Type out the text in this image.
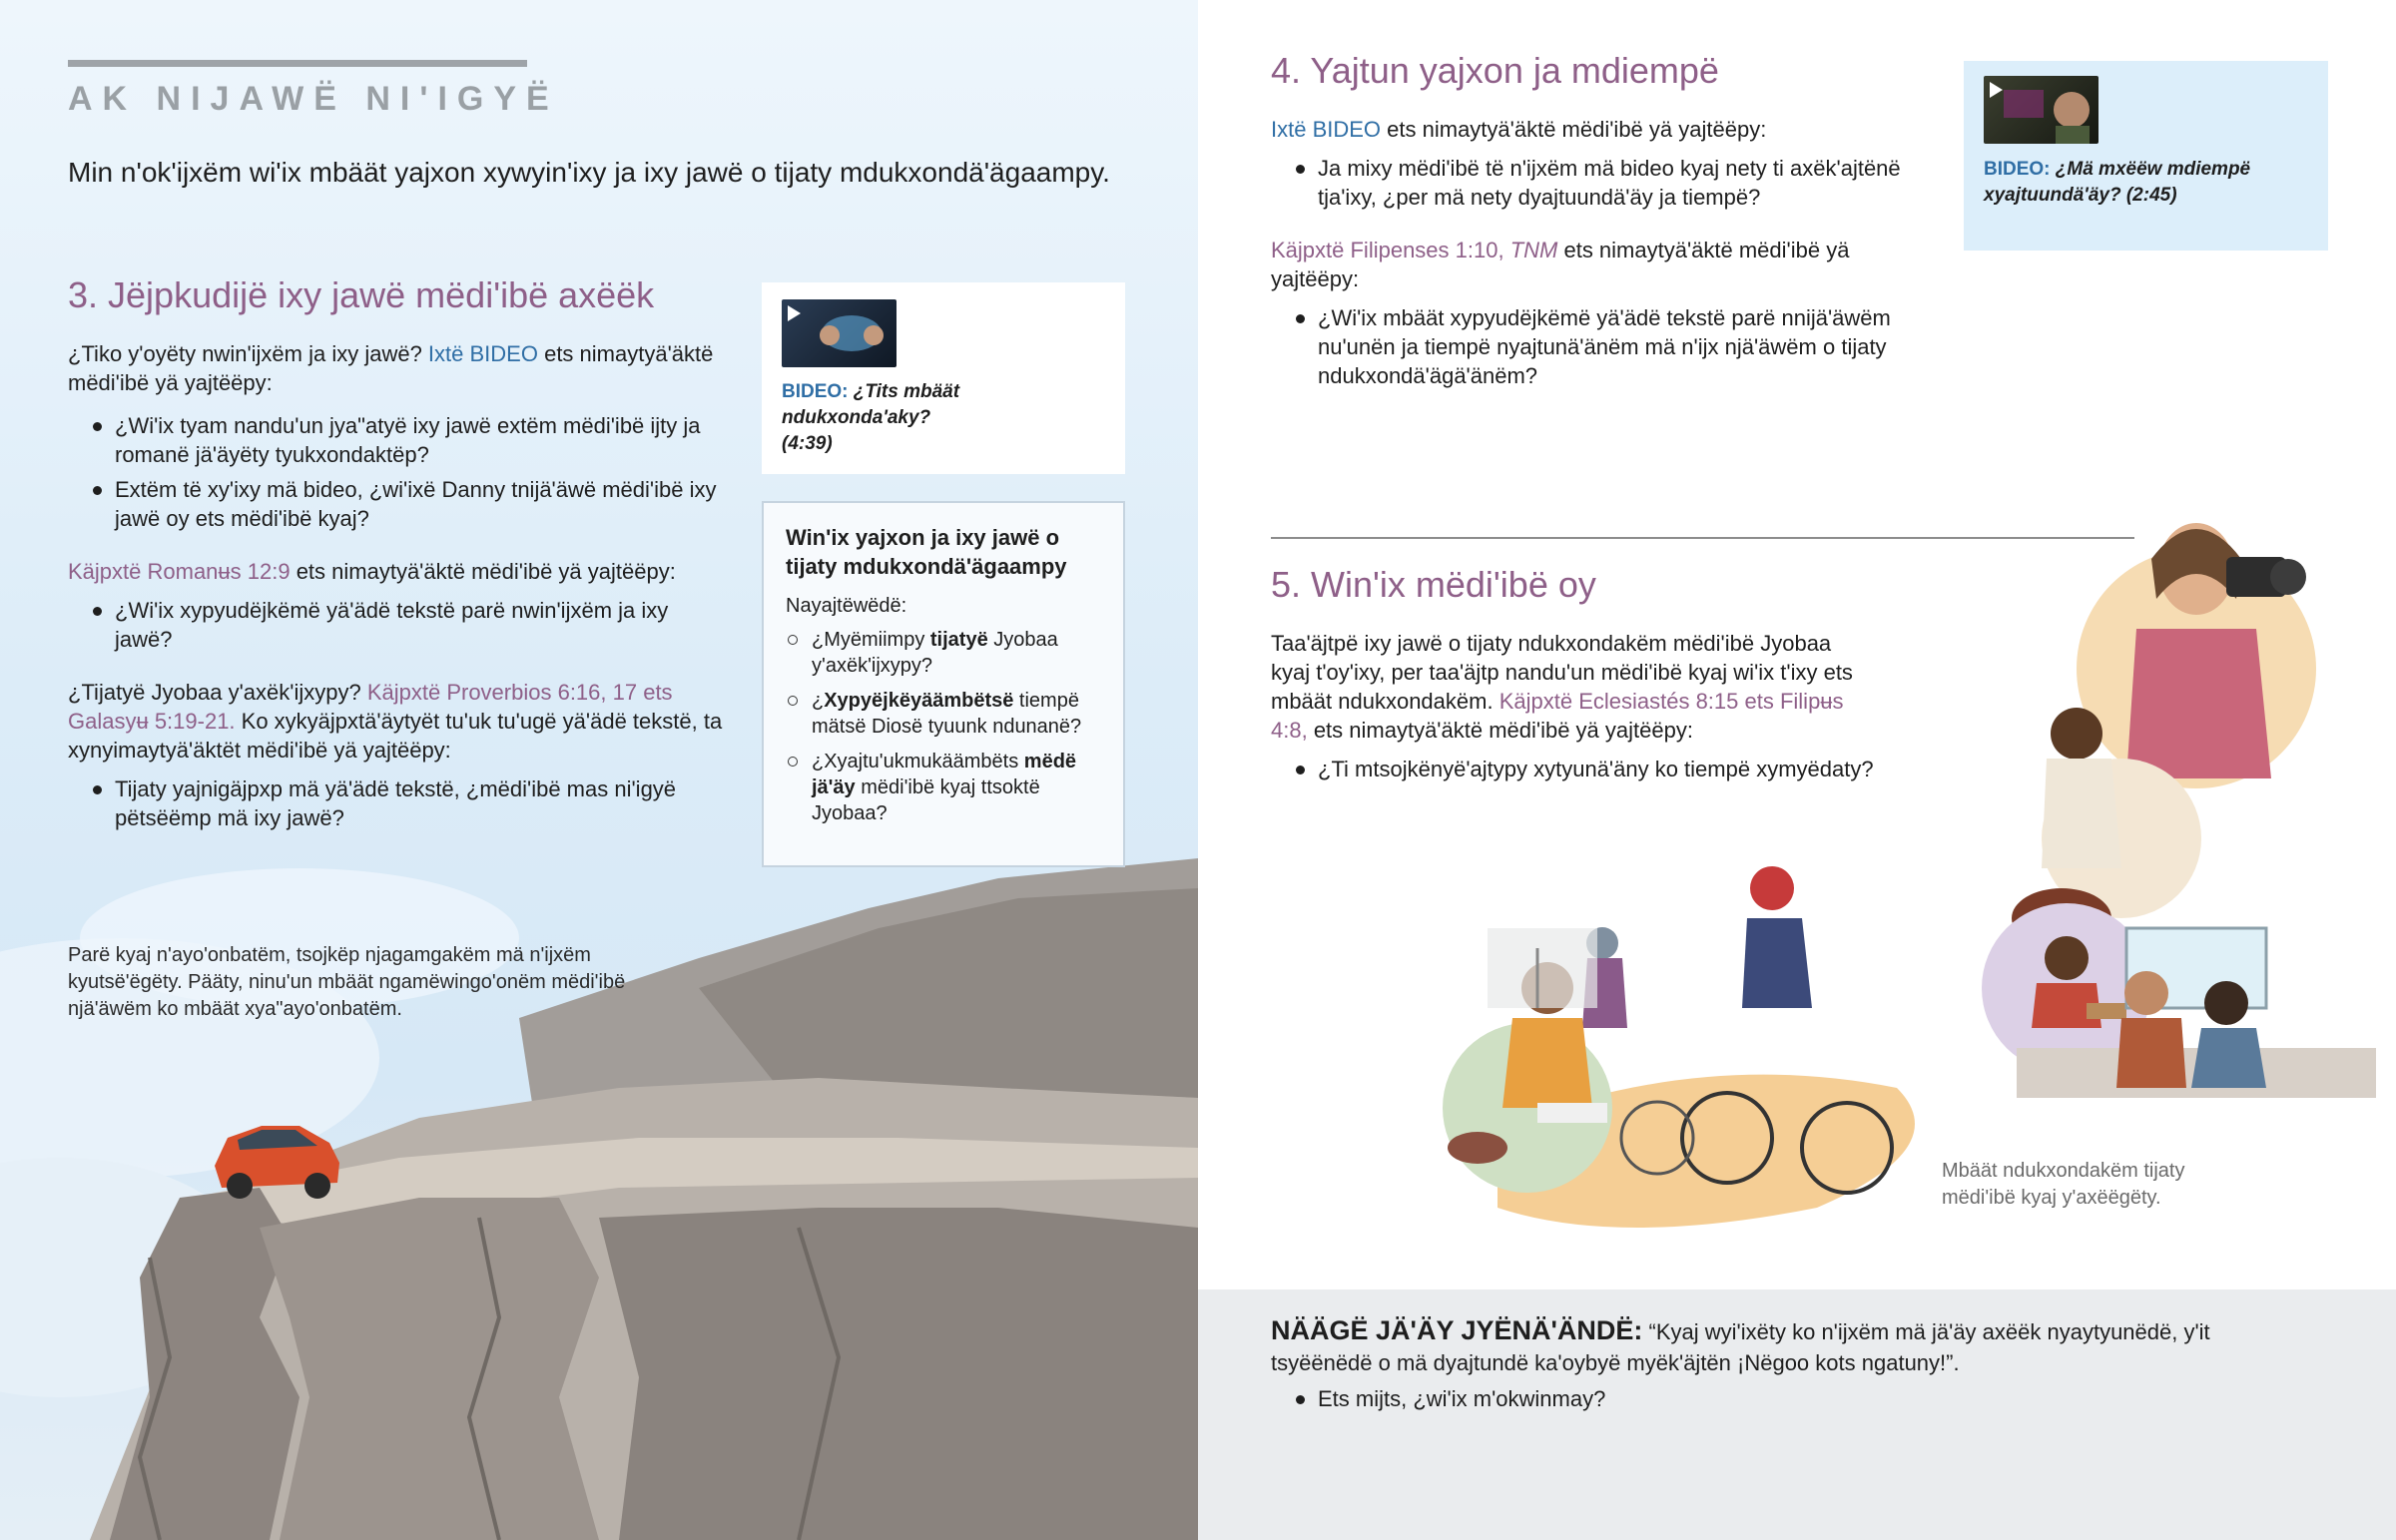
AK NIJAWË NI'IGYË

Min n'ok'ijxëm wi'ix mbäät yajxon xywyin'ixy ja ixy jawë o tijaty mdukxondä'ägaampy.

3. Jëjpkudijë ixy jawë mëdi'ibë axëëk

¿Tiko y'oyëty nwin'ijxëm ja ixy jawë? Ixtë BIDEO ets nimaytyä'äktë mëdi'ibë yä yajtëëpy:

¿Wi'ix tyam nandu'un jya"atyë ixy jawë extëm mëdi'ibë ijty ja romanë jä'äyëty tyukxondaktëp?
Extëm të xy'ixy mä bideo, ¿wi'ixë Danny tnijä'äwë mëdi'ibë ixy jawë oy ets mëdi'ibë kyaj?

Käjpxtë Romanʉs 12:9 ets nimaytyä'äktë mëdi'ibë yä yajtëëpy:

¿Wi'ix xypyudëjkëmë yä'ädë tekstë parë nwin'ijxëm ja ixy jawë?

¿Tijatyë Jyobaa y'axëk'ijxypy? Käjpxtë Proverbios 6:16, 17 ets Galasyʉ 5:19-21. Ko xykyäjpxtä'äytyët tu'uk tu'ugë yä'ädë tekstë, ta xynyimaytyä'äktët mëdi'ibë yä yajtëëpy:

Tijaty yajnigäjpxp mä yä'ädë tekstë, ¿mëdi'ibë mas ni'igyë pëtsëëmp mä ixy jawë?
BIDEO: ¿Tits mbäät ndukxonda'aky?
(4:39)
Win'ix yajxon ja ixy jawë o tijaty mdukxondä'ägaampy

Nayajtëwëdë:

¿Myëmiimpy tijatyë Jyobaa y'axëk'ijxypy?
¿Xypyëjkëyäämbëtsë tiempë mätsë Diosë tyuunk ndunanë?
¿Xyajtu'ukmukäämbëts mëdë jä'äy mëdi'ibë kyaj ttsoktë Jyobaa?

Parë kyaj n'ayo'onbatëm, tsojkëp njagamgakëm mä n'ijxëm kyutsë'ëgëty. Pääty, ninu'un mbäät ngamëwingo'onëm mëdi'ibë njä'äwëm ko mbäät xya"ayo'onbatëm.

4. Yajtun yajxon ja mdiempë

Ixtë BIDEO ets nimaytyä'äktë mëdi'ibë yä yajtëëpy:

Ja mixy mëdi'ibë të n'ijxëm mä bideo kyaj nety ti axëk'ajtënë tja'ixy, ¿per mä nety dyajtuundä'äy ja tiempë?

Käjpxtë Filipenses 1:10, TNM ets nimaytyä'äktë mëdi'ibë yä yajtëëpy:

¿Wi'ix mbäät xypyudëjkëmë yä'ädë tekstë parë nnijä'äwëm nu'unën ja tiempë nyajtunä'änëm mä n'ijx njä'äwëm o tijaty ndukxondä'ägä'änëm?
BIDEO: ¿Mä mxëëw mdiempë xyajtuundä'äy? (2:45)
5. Win'ix mëdi'ibë oy

Taa'äjtpë ixy jawë o tijaty ndukxondakëm mëdi'ibë Jyobaa kyaj t'oy'ixy, per taa'äjtp nandu'un mëdi'ibë kyaj wi'ix t'ixy ets mbäät ndukxondakëm. Käjpxtë Eclesiastés 8:15 ets Filipʉs 4:8, ets nimaytyä'äktë mëdi'ibë yä yajtëëpy:

¿Ti mtsojkënyë'ajtypy xytyunä'äny ko tiempë xymyëdaty?

Mbäät ndukxondakëm tijaty mëdi'ibë kyaj y'axëëgëty.

NÄÄGË JÄ'ÄY JYËNÄ'ÄNDË: “Kyaj wyi'ixëty ko n'ijxëm mä jä'äy axëëk nyaytyunëdë, y'it tsyëënëdë o mä dyajtundë ka'oybyë myëk'äjtën ¡Nëgoo kots ngatuny!”.
Ets mijts, ¿wi'ix m'okwinmay?
